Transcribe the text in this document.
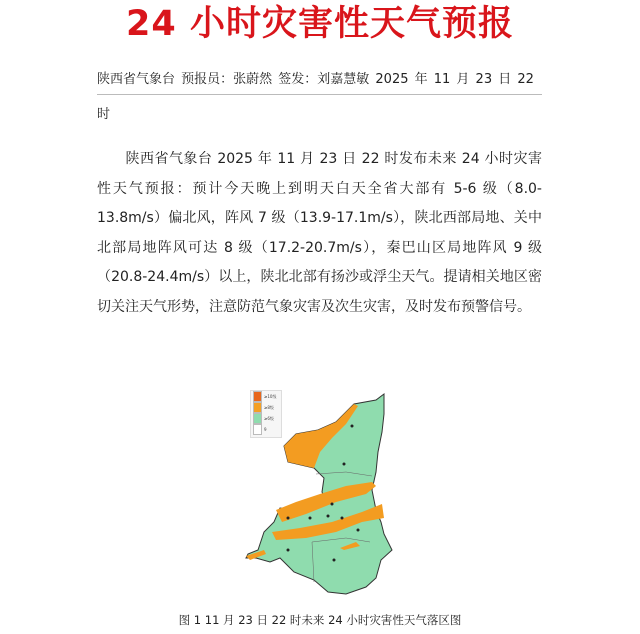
24 小时灾害性天气预报
陕西省气象台 预报员：张蔚然 签发：刘嘉慧敏 2025 年 11 月 23 日 22
时
陕西省气象台 2025 年 11 月 23 日 22 时发布未来 24 小时灾害性天气预报：预计今天晚上到明天白天全省大部有 5-6 级（8.0-13.8m/s）偏北风，阵风 7 级（13.9-17.1m/s），陕北西部局地、关中北部局地阵风可达 8 级（17.2-20.7m/s），秦巴山区局地阵风 9 级（20.8-24.4m/s）以上，陕北北部有扬沙或浮尘天气。提请相关地区密切关注天气形势，注意防范气象灾害及次生灾害，及时发布预警信号。
≥10级
≥8级
≥6级
9
图 1 11 月 23 日 22 时未来 24 小时灾害性天气落区图
